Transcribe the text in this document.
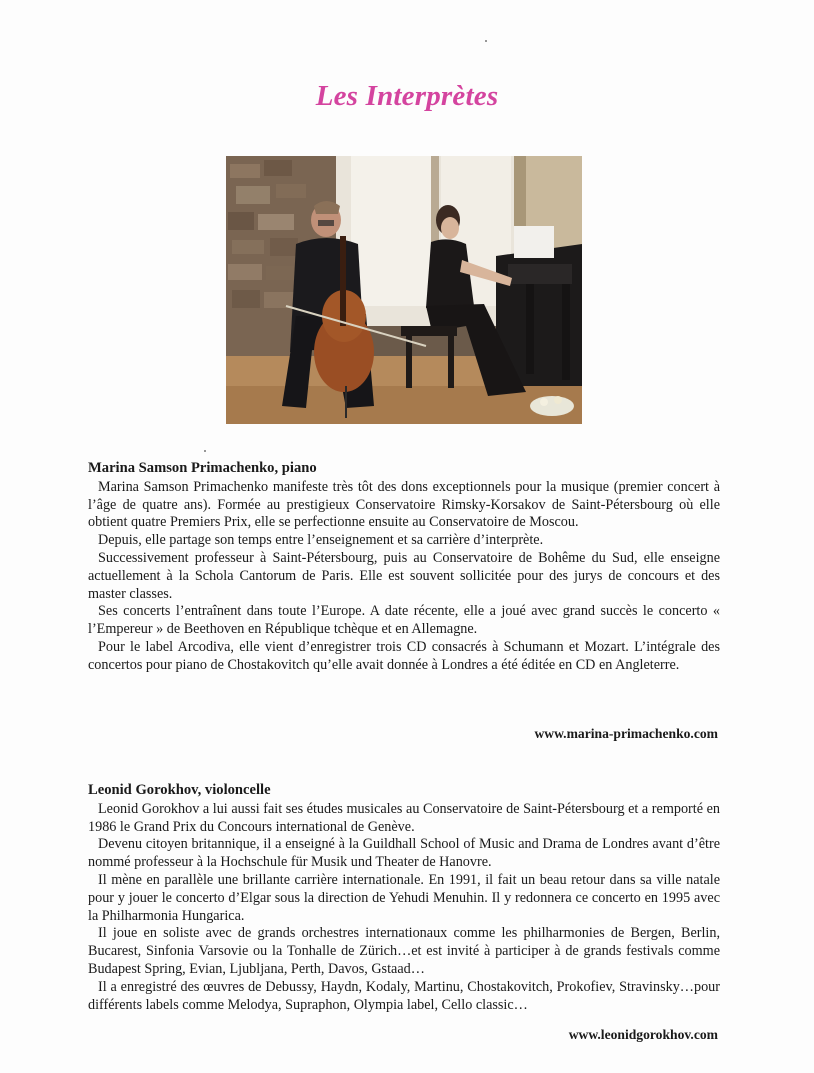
Les Interprètes
Marina Samson Primachenko, piano

Marina Samson Primachenko manifeste très tôt des dons exceptionnels pour la musique (premier concert à l’âge de quatre ans). Formée au prestigieux Conservatoire Rimsky-Korsakov de Saint-Pétersbourg où elle obtient quatre Premiers Prix, elle se perfectionne ensuite au Conservatoire de Moscou.

Depuis, elle partage son temps entre l’enseignement et sa carrière d’interprète.

Successivement professeur à Saint-Pétersbourg, puis au Conservatoire de Bohême du Sud, elle enseigne actuellement à la Schola Cantorum de Paris. Elle est souvent sollicitée pour des jurys de concours et des master classes.

Ses concerts l’entraînent dans toute l’Europe. A date récente, elle a joué avec grand succès le concerto « l’Empereur » de Beethoven en République tchèque et en Allemagne.

Pour le label Arcodiva, elle vient d’enregistrer trois CD consacrés à Schumann et Mozart. L’intégrale des concertos pour piano de Chostakovitch qu’elle avait donnée à Londres a été éditée en CD en Angleterre.

www.marina-primachenko.com
Leonid Gorokhov, violoncelle

Leonid Gorokhov a lui aussi fait ses études musicales au Conservatoire de Saint-Pétersbourg et a remporté en 1986 le Grand Prix du Concours international de Genève.

Devenu citoyen britannique, il a enseigné à la Guildhall School of Music and Drama de Londres avant d’être nommé professeur à la Hochschule für Musik und Theater de Hanovre.

Il mène en parallèle une brillante carrière internationale. En 1991, il fait un beau retour dans sa ville natale pour y jouer le concerto d’Elgar sous la direction de Yehudi Menuhin. Il y redonnera ce concerto en 1995 avec la Philharmonia Hungarica.

Il joue en soliste avec de grands orchestres internationaux comme les philharmonies de Bergen, Berlin, Bucarest, Sinfonia Varsovie ou la Tonhalle de Zürich…et est invité à participer à de grands festivals comme Budapest Spring, Evian, Ljubljana, Perth, Davos, Gstaad…

Il a enregistré des œuvres de Debussy, Haydn, Kodaly, Martinu, Chostakovitch, Prokofiev, Stravinsky…pour différents labels comme Melodya, Supraphon, Olympia label, Cello classic…

www.leonidgorokhov.com
